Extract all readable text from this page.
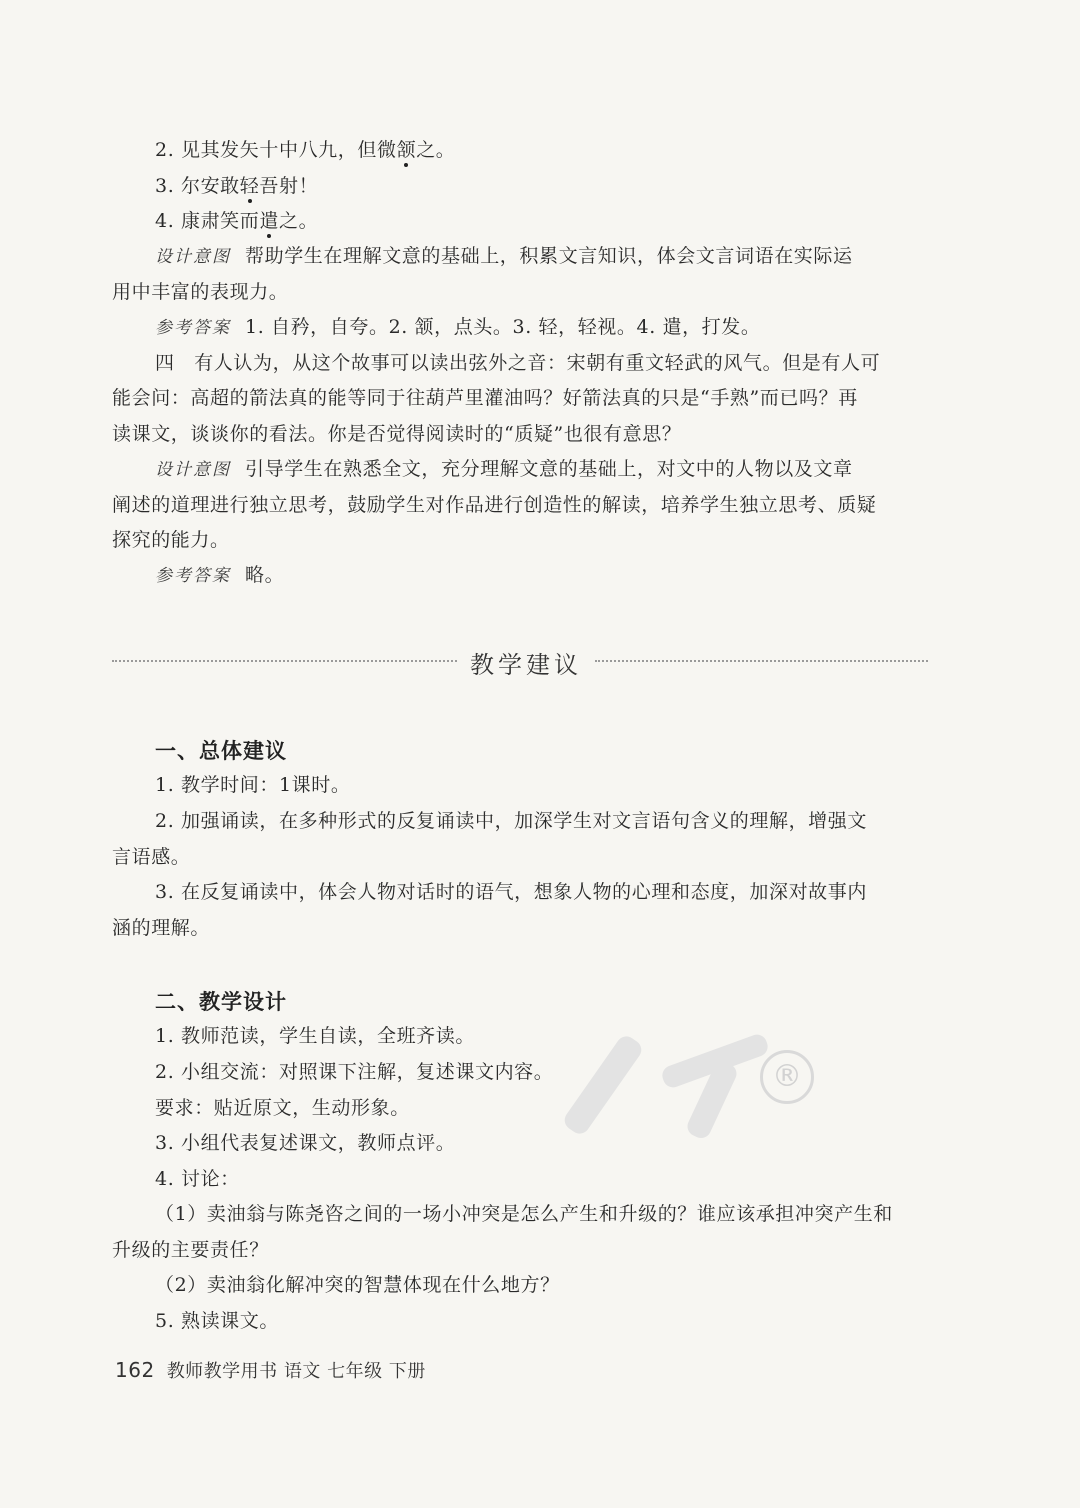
®
2. 见其发矢十中八九，但微颔之。
3. 尔安敢轻吾射！
4. 康肃笑而遣之。
设计意图 帮助学生在理解文意的基础上，积累文言知识，体会文言词语在实际运
用中丰富的表现力。
参考答案 1. 自矜，自夸。2. 颔，点头。3. 轻，轻视。4. 遣，打发。
四　有人认为，从这个故事可以读出弦外之音：宋朝有重文轻武的风气。但是有人可
能会问：高超的箭法真的能等同于往葫芦里灌油吗？好箭法真的只是“手熟”而已吗？再
读课文，谈谈你的看法。你是否觉得阅读时的“质疑”也很有意思？
设计意图 引导学生在熟悉全文，充分理解文意的基础上，对文中的人物以及文章
阐述的道理进行独立思考，鼓励学生对作品进行创造性的解读，培养学生独立思考、质疑
探究的能力。
参考答案 略。
教学建议
一、总体建议
1. 教学时间：1课时。
2. 加强诵读，在多种形式的反复诵读中，加深学生对文言语句含义的理解，增强文
言语感。
3. 在反复诵读中，体会人物对话时的语气，想象人物的心理和态度，加深对故事内
涵的理解。
二、教学设计
1. 教师范读，学生自读，全班齐读。
2. 小组交流：对照课下注解，复述课文内容。
要求：贴近原文，生动形象。
3. 小组代表复述课文，教师点评。
4. 讨论：
（1）卖油翁与陈尧咨之间的一场小冲突是怎么产生和升级的？谁应该承担冲突产生和
升级的主要责任？
（2）卖油翁化解冲突的智慧体现在什么地方？
5. 熟读课文。
162 教师教学用书 语文 七年级 下册
